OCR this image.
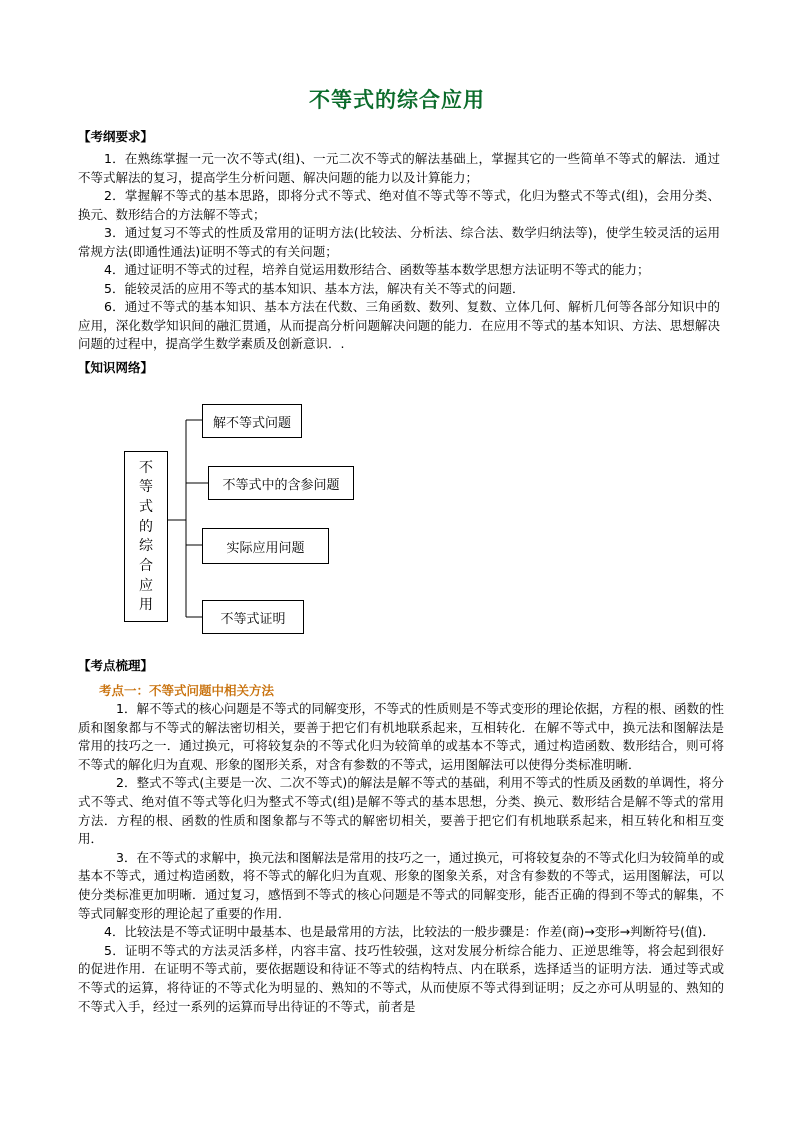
不等式的综合应用
【考纲要求】
1．在熟练掌握一元一次不等式(组)、一元二次不等式的解法基础上，掌握其它的一些简单不等式的解法．通过不等式解法的复习，提高学生分析问题、解决问题的能力以及计算能力；
2．掌握解不等式的基本思路，即将分式不等式、绝对值不等式等不等式，化归为整式不等式(组)，会用分类、换元、数形结合的方法解不等式；
3．通过复习不等式的性质及常用的证明方法(比较法、分析法、综合法、数学归纳法等)，使学生较灵活的运用常规方法(即通性通法)证明不等式的有关问题；
4．通过证明不等式的过程，培养自觉运用数形结合、函数等基本数学思想方法证明不等式的能力；
5．能较灵活的应用不等式的基本知识、基本方法，解决有关不等式的问题．
6．通过不等式的基本知识、基本方法在代数、三角函数、数列、复数、立体几何、解析几何等各部分知识中的应用，深化数学知识间的融汇贯通，从而提高分析问题解决问题的能力．在应用不等式的基本知识、方法、思想解决问题的过程中，提高学生数学素质及创新意识．.
【知识网络】
不
等
式
的
综
合
应
用
解不等式问题
不等式中的含参问题
实际应用问题
不等式证明
【考点梳理】
考点一：不等式问题中相关方法

1．解不等式的核心问题是不等式的同解变形，不等式的性质则是不等式变形的理论依据，方程的根、函数的性质和图象都与不等式的解法密切相关，要善于把它们有机地联系起来，互相转化．在解不等式中，换元法和图解法是常用的技巧之一．通过换元，可将较复杂的不等式化归为较简单的或基本不等式，通过构造函数、数形结合，则可将不等式的解化归为直观、形象的图形关系，对含有参数的不等式，运用图解法可以使得分类标准明晰．

2．整式不等式(主要是一次、二次不等式)的解法是解不等式的基础，利用不等式的性质及函数的单调性，将分式不等式、绝对值不等式等化归为整式不等式(组)是解不等式的基本思想，分类、换元、数形结合是解不等式的常用方法．方程的根、函数的性质和图象都与不等式的解密切相关，要善于把它们有机地联系起来，相互转化和相互变用．

3．在不等式的求解中，换元法和图解法是常用的技巧之一，通过换元，可将较复杂的不等式化归为较简单的或基本不等式，通过构造函数，将不等式的解化归为直观、形象的图象关系，对含有参数的不等式，运用图解法，可以使分类标准更加明晰．通过复习，感悟到不等式的核心问题是不等式的同解变形，能否正确的得到不等式的解集，不等式同解变形的理论起了重要的作用．

4．比较法是不等式证明中最基本、也是最常用的方法，比较法的一般步骤是：作差(商)→变形→判断符号(值)．

5．证明不等式的方法灵活多样，内容丰富、技巧性较强，这对发展分析综合能力、正逆思维等，将会起到很好的促进作用．在证明不等式前，要依据题设和待证不等式的结构特点、内在联系，选择适当的证明方法．通过等式或不等式的运算，将待证的不等式化为明显的、熟知的不等式，从而使原不等式得到证明；反之亦可从明显的、熟知的不等式入手，经过一系列的运算而导出待证的不等式，前者是
